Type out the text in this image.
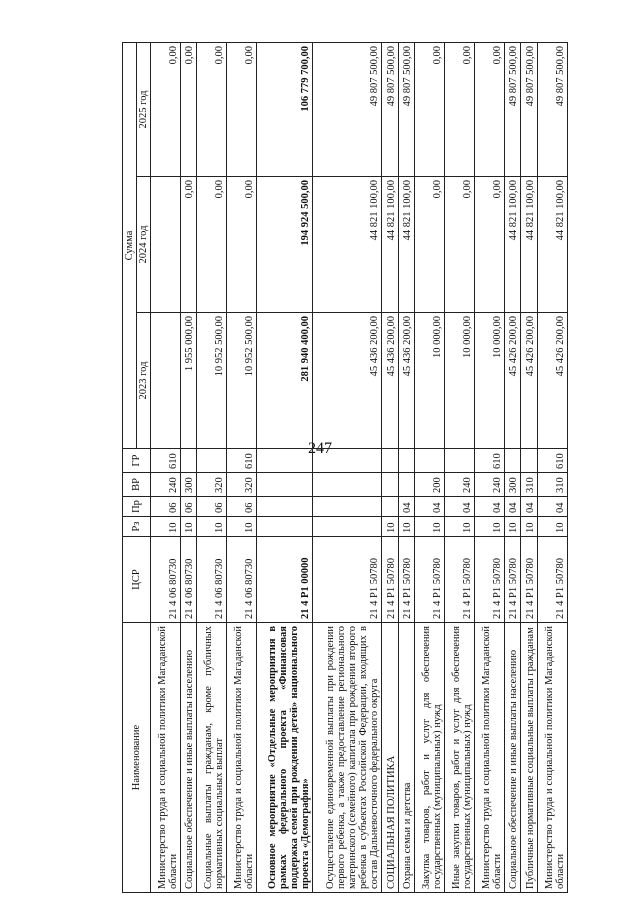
247
Наименование	ЦСР	Рз	Пр	ВР	ГР	Сумма		
						2023 год	2024 год	2025 год
Министерство труда и социальной политики Магаданской области	21 4 06 80730	10	06	240	610			0,00
Социальное обеспечение и иные выплаты населению	21 4 06 80730	10	06	300		1 955 000,00	0,00	0,00
Социальные выплаты гражданам, кроме публичных нормативных социальных выплат	21 4 06 80730	10	06	320		10 952 500,00	0,00	0,00
Министерство труда и социальной политики Магаданской области	21 4 06 80730	10	06	320	610	10 952 500,00	0,00	0,00
Основное мероприятие «Отдельные мероприятия в рамках федерального проекта «Финансовая поддержка семей при рождении детей» национального проекта «Демография»	21 4 P1 00000					281 940 400,00	194 924 500,00	106 779 700,00
Осуществление единовременной выплаты при рождении первого ребенка, а также предоставление регионального материнского (семейного) капитала при рождении второго ребенка в субъектах Российской Федерации, входящих в состав Дальневосточного федерального округа	21 4 P1 50780					45 436 200,00	44 821 100,00	49 807 500,00
СОЦИАЛЬНАЯ ПОЛИТИКА	21 4 P1 50780	10				45 436 200,00	44 821 100,00	49 807 500,00
Охрана семьи и детства	21 4 P1 50780	10	04			45 436 200,00	44 821 100,00	49 807 500,00
Закупка товаров, работ и услуг для обеспечения государственных (муниципальных) нужд	21 4 P1 50780	10	04	200		10 000,00	0,00	0,00
Иные закупки товаров, работ и услуг для обеспечения государственных (муниципальных) нужд	21 4 P1 50780	10	04	240		10 000,00	0,00	0,00
Министерство труда и социальной политики Магаданской области	21 4 P1 50780	10	04	240	610	10 000,00	0,00	0,00
Социальное обеспечение и иные выплаты населению	21 4 P1 50780	10	04	300		45 426 200,00	44 821 100,00	49 807 500,00
Публичные нормативные социальные выплаты гражданам	21 4 P1 50780	10	04	310		45 426 200,00	44 821 100,00	49 807 500,00
Министерство труда и социальной политики Магаданской области	21 4 P1 50780	10	04	310	610	45 426 200,00	44 821 100,00	49 807 500,00
